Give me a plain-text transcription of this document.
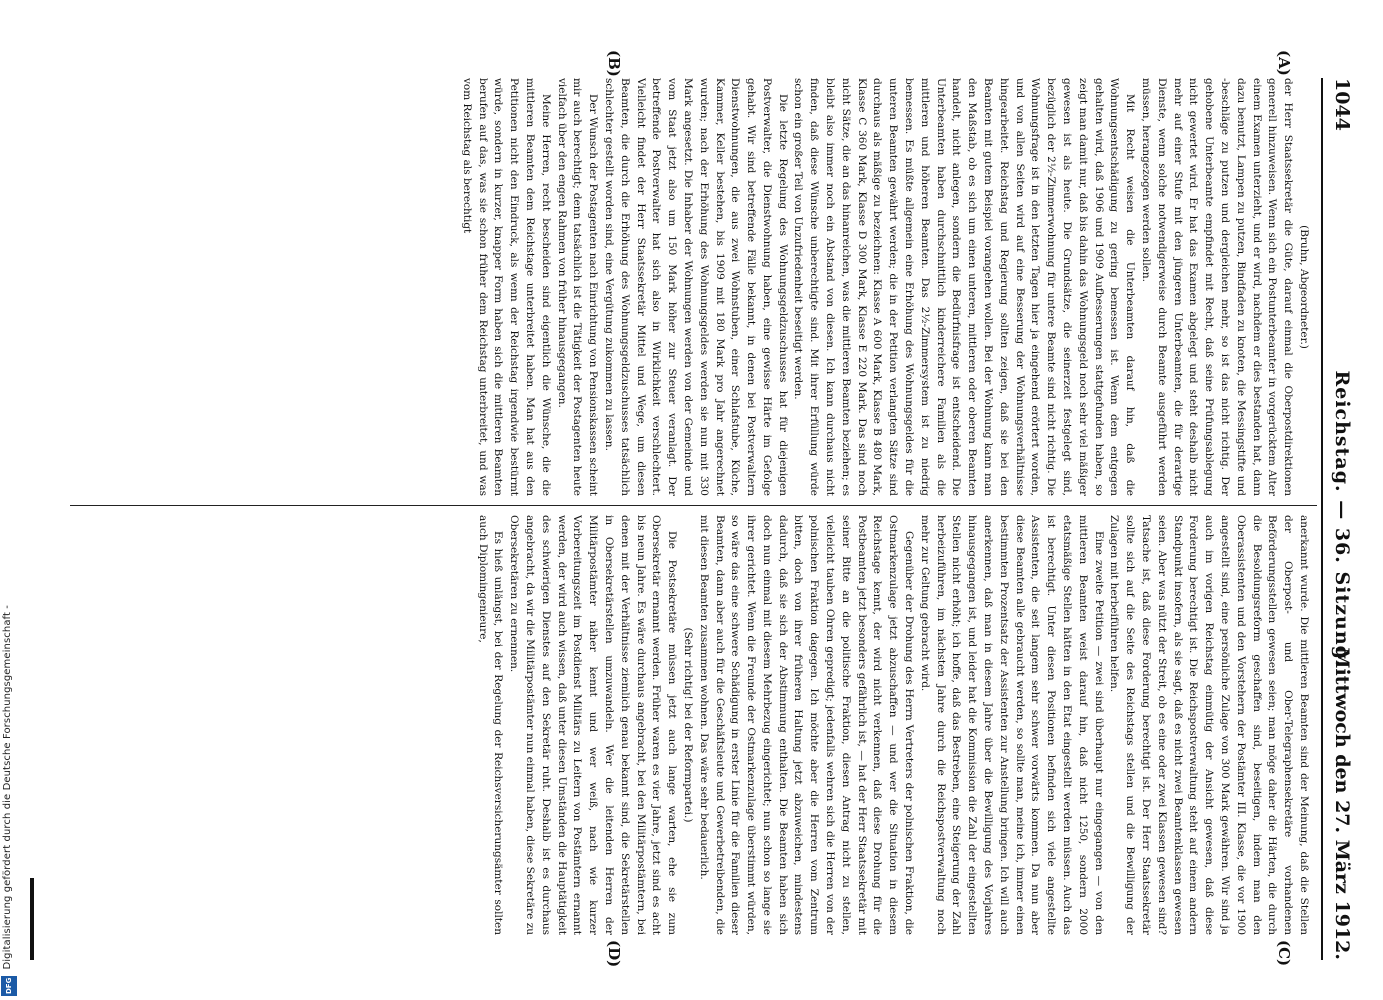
Digitalisierung gefördert durch die Deutsche Forschungsgemeinschaft -
DFG
1044
Reichstag. — 36. Sitzung.
Mittwoch den 27. März 1912.
(A)
(B)
(C)
(D)

(Bruhn, Abgeordneter.)

der Herr Staatssekretär die Güte, darauf einmal die Oberpostdirektionen generell hinzuweisen. Wenn sich ein Postunterbeamter in vorgerücktem Alter einem Examen unterzieht, und er wird, nachdem er dies bestanden hat, dann dazu benutzt, Lampen zu putzen, Bindfaden zu knoten, die Messingstifte und -beschläge zu putzen und dergleichen mehr, so ist das nicht richtig. Der gehobene Unterbeamte empfindet mit Recht, daß seine Prüfungsablegung nicht gewertet wird. Er hat das Examen abgelegt und steht deshalb nicht mehr auf einer Stufe mit den jüngeren Unterbeamten, die für derartige Dienste, wenn solche notwendigerweise durch Beamte ausgeführt werden müssen, herangezogen werden sollen.

Mit Recht weisen die Unterbeamten darauf hin, daß die Wohnungsentschädigung zu gering bemessen ist. Wenn dem entgegen gehalten wird, daß 1906 und 1909 Aufbesserungen stattgefunden haben, so zeigt man damit nur, daß bis dahin das Wohnungsgeld noch sehr viel mäßiger gewesen ist als heute. Die Grundsätze, die seinerzeit festgelegt sind, bezüglich der 2½-Zimmerwohnung für untere Beamte sind nicht richtig. Die Wohnungsfrage ist in den letzten Tagen hier ja eingehend erörtert worden, und von allen Seiten wird auf eine Besserung der Wohnungsverhältnisse hingearbeitet. Reichstag und Regierung sollten zeigen, daß sie bei den Beamten mit gutem Beispiel vorangehen wollen. Bei der Wohnung kann man den Maßstab, ob es sich um einen unteren, mittleren oder oberen Beamten handelt, nicht anlegen, sondern die Bedürfnisfrage ist entscheidend. Die Unterbeamten haben durchschnittlich kinderreichere Familien als die mittleren und höheren Beamten. Das 2½-Zimmersystem ist zu niedrig bemessen. Es müßte allgemein eine Erhöhung des Wohnungsgeldes für die unteren Beamten gewährt werden; die in der Petition verlangten Sätze sind durchaus als mäßige zu bezeichnen: Klasse A 600 Mark, Klasse B 480 Mark, Klasse C 360 Mark, Klasse D 300 Mark, Klasse E 220 Mark. Das sind noch nicht Sätze, die an das hinanreichen, was die mittleren Beamten beziehen; es bleibt also immer noch ein Abstand von diesen. Ich kann durchaus nicht finden, daß diese Wünsche unberechtigte sind. Mit ihrer Erfüllung würde schon ein großer Teil von Unzufriedenheit beseitigt werden.

Die letzte Regelung des Wohnungsgeldzuschusses hat für diejenigen Postverwalter, die Dienstwohnung haben, eine gewisse Härte im Gefolge gehabt. Wir sind betreffende Fälle bekannt, in denen bei Postverwaltern Dienstwohnungen, die aus zwei Wohnstuben, einer Schlafstube, Küche, Kammer, Keller bestehen, bis 1909 mit 180 Mark pro Jahr angerechnet wurden; nach der Erhöhung des Wohnungsgeldes werden sie nun mit 330 Mark angesetzt. Die Inhaber der Wohnungen werden von der Gemeinde und vom Staat jetzt also um 150 Mark höher zur Steuer veranlagt. Der betreffende Postverwalter hat sich also in Wirklichkeit verschlechtert. Vielleicht findet der Herr Staatssekretär Mittel und Wege, um diesen Beamten, die durch die Erhöhung des Wohnungsgeldzuschusses tatsächlich schlechter gestellt worden sind, eine Vergütung zukommen zu lassen.

Der Wunsch der Postagenten nach Einrichtung von Pensionskassen scheint mir auch berechtigt; denn tatsächlich ist die Tätigkeit der Postagenten heute vielfach über den engen Rahmen von früher hinausgegangen.

Meine Herren, recht bescheiden sind eigentlich die Wünsche, die die mittleren Beamten dem Reichstage unterbreitet haben. Man hat aus den Petitionen nicht den Eindruck, als wenn der Reichstag irgendwie bestürmt würde, sondern in kurzer, knapper Form haben sich die mittleren Beamten berufen auf das, was sie schon früher dem Reichstag unterbreitet, und was vom Reichstag als berechtigt

anerkannt wurde. Die mittleren Beamten sind der Meinung, daß die Stellen der Oberpost- und Ober-Telegraphensekretäre vorhandenen Beförderungsstellen gewesen seien; man möge daher die Härten, die durch die Besoldungsreform geschaffen sind, beseitigen, indem man den Oberassistenten und den Vorstehern der Postämter III. Klasse, die vor 1900 angestellt sind, eine persönliche Zulage von 300 Mark gewähren. Wir sind ja auch im vorigen Reichstag einmütig der Ansicht gewesen, daß diese Forderung berechtigt ist. Die Reichspostverwaltung steht auf einem andern Standpunkt insofern, als sie sagt, daß es nicht zwei Beamtenklassen gewesen seien. Aber was nützt der Streit, ob es eine oder zwei Klassen gewesen sind? Tatsache ist, daß diese Forderung berechtigt ist. Der Herr Staatssekretär sollte sich auf die Seite des Reichstags stellen und die Bewilligung der Zulagen mit herbeiführen helfen.

Eine zweite Petition — zwei sind überhaupt nur eingegangen — von den mittleren Beamten weist darauf hin, daß nicht 1250, sondern 2000 etatsmäßige Stellen hätten in den Etat eingestellt werden müssen. Auch das ist berechtigt. Unter diesen Positionen befinden sich viele angestellte Assistenten, die seit langem sehr schwer vorwärts kommen. Da nun aber diese Beamten alle gebraucht werden, so sollte man, meine ich, immer einen bestimmten Prozentsatz der Assistenten zur Anstellung bringen. Ich will auch anerkennen, daß man in diesem Jahre über die Bewilligung des Vorjahres hinausgegangen ist, und leider hat die Kommission die Zahl der eingestellten Stellen nicht erhöht; ich hoffe, daß das Bestreben, eine Steigerung der Zahl herbeizuführen, im nächsten Jahre durch die Reichspostverwaltung noch mehr zur Geltung gebracht wird.

Gegenüber der Drohung des Herrn Vertreters der polnischen Fraktion, die Ostmarkenzulage jetzt abzuschaffen — und wer die Situation in diesem Reichstage kennt, der wird nicht verkennen, daß diese Drohung für die Postbeamten jetzt besonders gefährlich ist, — hat der Herr Staatssekretär mit seiner Bitte an die politische Fraktion, diesen Antrag nicht zu stellen, vielleicht tauben Ohren gepredigt; jedenfalls wehren sich die Herren von der polnischen Fraktion dagegen. Ich möchte aber die Herren vom Zentrum bitten, doch von ihrer früheren Haltung jetzt abzuweichen, mindestens dadurch, daß sie sich der Abstimmung enthalten. Die Beamten haben sich doch nun einmal mit diesem Mehrbezug eingerichtet; nun schon so lange sie ihrer gerichtet. Wenn die Freunde der Ostmarkenzulage überstimmt würden, so wäre das eine schwere Schädigung in erster Linie für die Familien dieser Beamten, dann aber auch für die Geschäftsleute und Gewerbetreibenden, die mit diesen Beamten zusammen wohnen. Das wäre sehr bedauerlich.

(Sehr richtig! bei der Reformpartei.)

Die Postsekretäre müssen jetzt auch lange warten, ehe sie zum Obersekretär ernannt werden. Früher waren es vier Jahre, jetzt sind es acht bis neun Jahre. Es wäre durchaus angebracht, bei den Militärpostämtern, bei denen mit der Verhältnisse ziemlich genau bekannt sind, die Sekretärstellen in Obersekretärstellen umzuwandeln. Wer die leitenden Herren der Militärpostämter näher kennt und wer weiß, nach wie kurzer Vorbereitungszeit im Postdienst Militärs zu Leitern von Postämtern ernannt werden, der wird auch wissen, daß unter diesen Umständen die Hauptätigkeit des schwierigen Dienstes auf den Sekretär ruht. Deshalb ist es durchaus angebracht, da wir die Militärpostämter nun einmal haben, diese Sekretäre zu Obersekretären zu ernennen.

Es hieß unlängst, bei der Regelung der Reichsversicherungsämter sollten auch Diplomingenieure,
